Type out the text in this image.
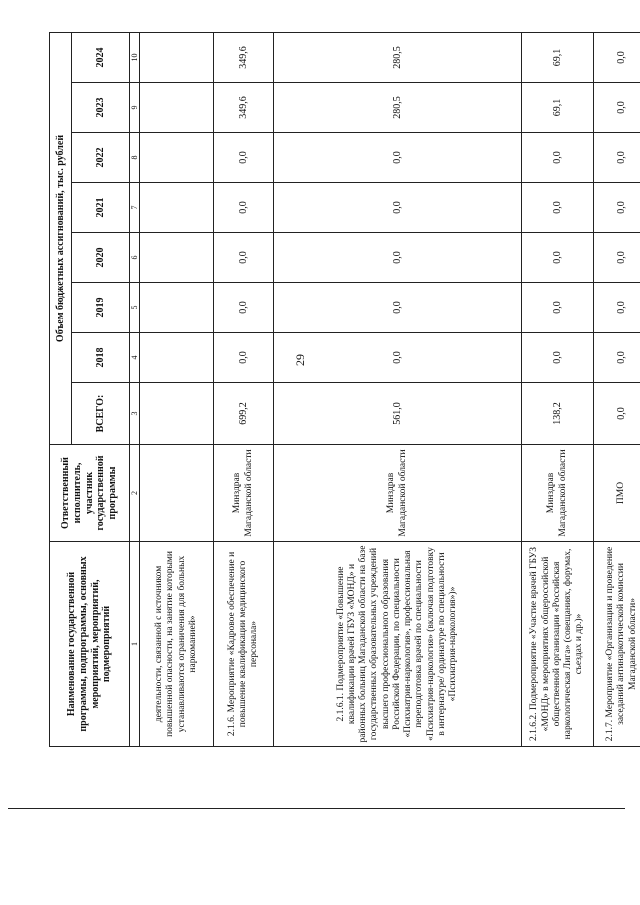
29
Наименование государственной программы, подпрограммы, основных мероприятий, мероприятий, подмероприятий	Ответственный исполнитель, участник государственной программы	Объем бюджетных ассигнований, тыс. рублей							
		ВСЕГО:	2018	2019	2020	2021	2022	2023	2024
1	2	3	4	5	6	7	8	9	10
деятельности, связанной с источником повышенной опасности, на занятие которыми устанавливаются ограничения для больных наркоманией»									
2.1.6. Мероприятие «Кадровое обеспечение и повышение квалификации медицинского персонала»	Минздрав Магаданской области	699,2	0,0	0,0	0,0	0,0	0,0	349,6	349,6
2.1.6.1. Подмероприятие «Повышение квалификации врачей ГБУЗ «МОНД» и районных больниц Магаданской области на базе государственных образовательных учреждений высшего профессионального образования Российской Федерации, по специальности «Психиатрия-наркология», профессиональная переподготовка врачей по специальности «Психиатрия-наркология» (включая подготовку в интернатуре/ ординатуре по специальности «Психиатрия-наркология»)»	Минздрав Магаданской области	561,0	0,0	0,0	0,0	0,0	0,0	280,5	280,5
2.1.6.2. Подмероприятие «Участие врачей ГБУЗ «МОНД» в мероприятиях общероссийской общественной организации «Российская наркологическая Лига» (совещаниях, форумах, съездах и др.)»	Минздрав Магаданской области	138,2	0,0	0,0	0,0	0,0	0,0	69,1	69,1
2.1.7. Мероприятие «Организация и проведение заседаний антинаркотической комиссии Магаданской области»	ПМО	0,0	0,0	0,0	0,0	0,0	0,0	0,0	0,0
